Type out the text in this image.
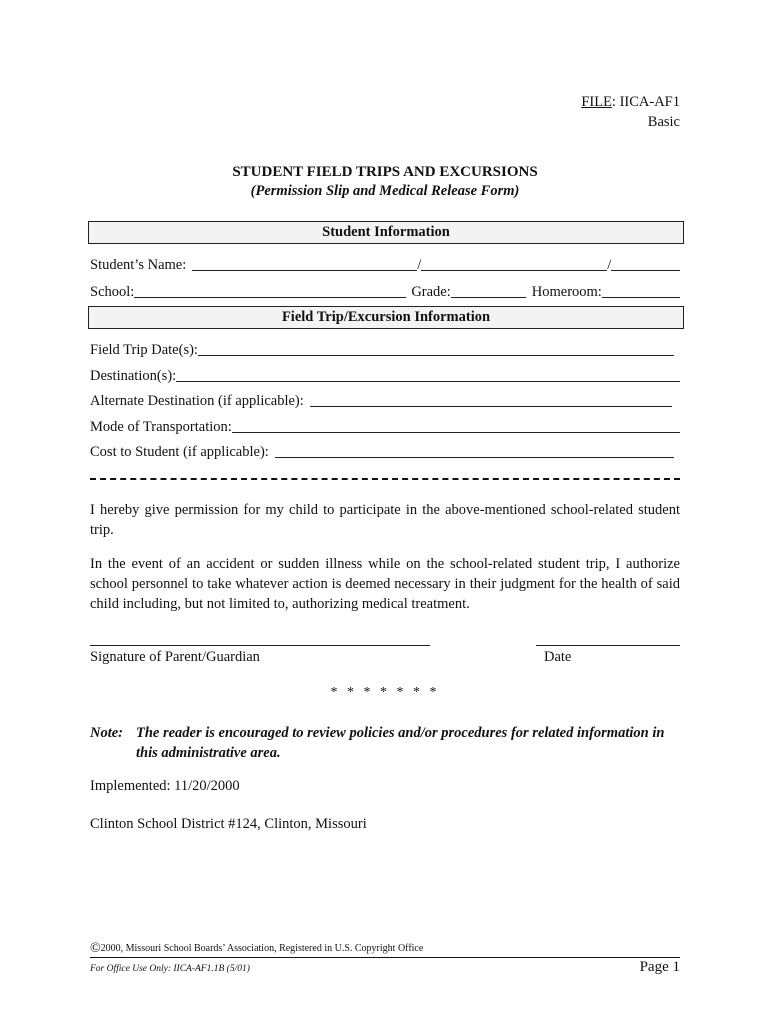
FILE: IICA-AF1
Basic
STUDENT FIELD TRIPS AND EXCURSIONS
(Permission Slip and Medical Release Form)
Student Information
Student’s Name:	/	/
School:	Grade:	Homeroom:
Field Trip/Excursion Information
Field Trip Date(s):
Destination(s):
Alternate Destination (if applicable):
Mode of Transportation:
Cost to Student (if applicable):
I hereby give permission for my child to participate in the above-mentioned school-related student trip.
In the event of an accident or sudden illness while on the school-related student trip, I authorize school personnel to take whatever action is deemed necessary in their judgment for the health of said child including, but not limited to, authorizing medical treatment.
Signature of Parent/Guardian	Date
* * * * * * *
Note: The reader is encouraged to review policies and/or procedures for related information in this administrative area.
Implemented: 11/20/2000
Clinton School District #124, Clinton, Missouri
©2000, Missouri School Boards’ Association, Registered in U.S. Copyright Office
For Office Use Only: IICA-AF1.1B (5/01)	Page 1
